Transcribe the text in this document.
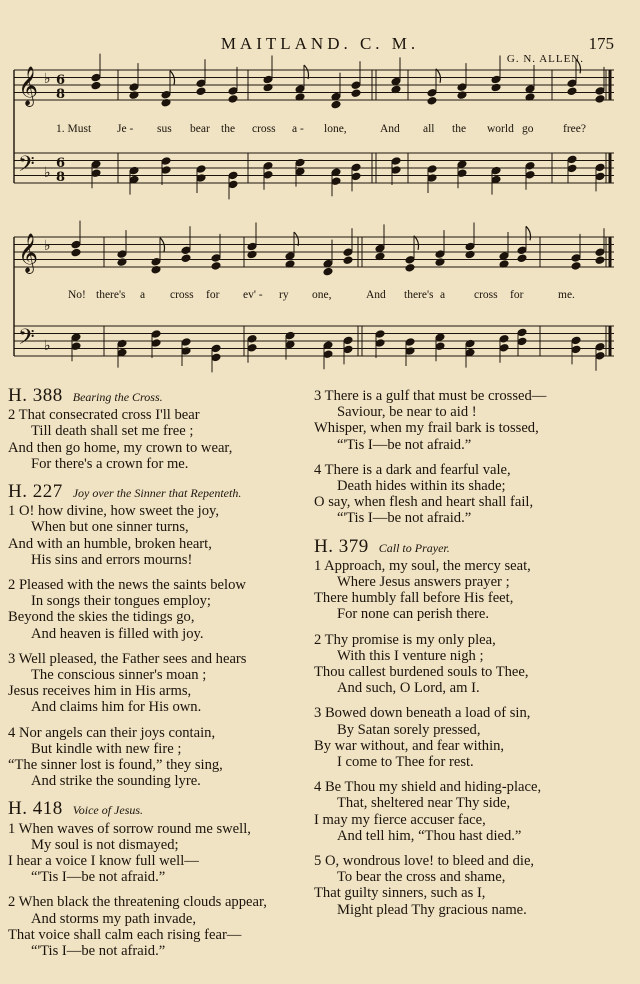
MAITLAND. C. M.	175
G. N. ALLEN.
𝄞
𝄢
♭
♭
6
8
6
8
𝄞
𝄢
♭
♭
1. Must Je - sus bear the cross a - lone,	And all the world go	free?
No! there's a cross for ev' - ry one,	And there's a	cross for	me.
H. 388 Bearing the Cross.
2 That consecrated cross I'll bear
Till death shall set me free ;
And then go home, my crown to wear,
For there's a crown for me.
H. 227 Joy over the Sinner that Repenteth.
1 O! how divine, how sweet the joy,
When but one sinner turns,
And with an humble, broken heart,
His sins and errors mourns!
2 Pleased with the news the saints below
In songs their tongues employ;
Beyond the skies the tidings go,
And heaven is filled with joy.
3 Well pleased, the Father sees and hears
The conscious sinner's moan ;
Jesus receives him in His arms,
And claims him for His own.
4 Nor angels can their joys contain,
But kindle with new fire ;
“The sinner lost is found,” they sing,
And strike the sounding lyre.
H. 418 Voice of Jesus.
1 When waves of sorrow round me swell,
My soul is not dismayed;
I hear a voice I know full well—
“'Tis I—be not afraid.”
2 When black the threatening clouds appear,
And storms my path invade,
That voice shall calm each rising fear—
“'Tis I—be not afraid.”
3 There is a gulf that must be crossed—
Saviour, be near to aid !
Whisper, when my frail bark is tossed,
“'Tis I—be not afraid.”
4 There is a dark and fearful vale,
Death hides within its shade;
O say, when flesh and heart shall fail,
“'Tis I—be not afraid.”
H. 379 Call to Prayer.
1 Approach, my soul, the mercy seat,
Where Jesus answers prayer ;
There humbly fall before His feet,
For none can perish there.
2 Thy promise is my only plea,
With this I venture nigh ;
Thou callest burdened souls to Thee,
And such, O Lord, am I.
3 Bowed down beneath a load of sin,
By Satan sorely pressed,
By war without, and fear within,
I come to Thee for rest.
4 Be Thou my shield and hiding-place,
That, sheltered near Thy side,
I may my fierce accuser face,
And tell him, “Thou hast died.”
5 O, wondrous love! to bleed and die,
To bear the cross and shame,
That guilty sinners, such as I,
Might plead Thy gracious name.
